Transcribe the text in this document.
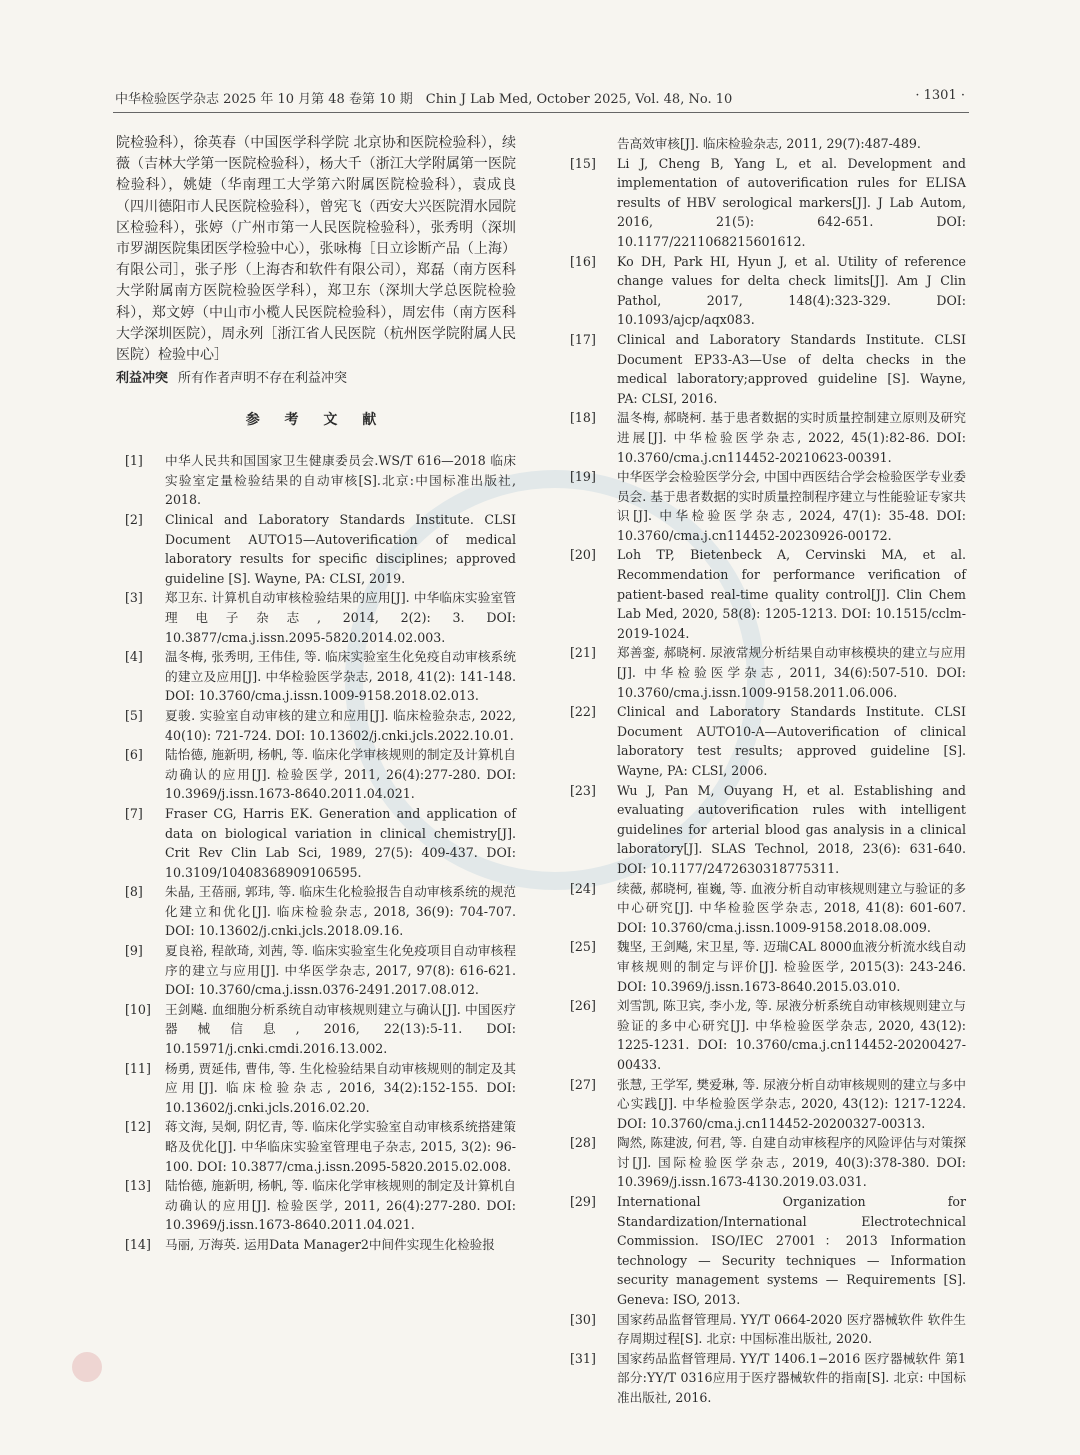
中华检验医学杂志 2025 年 10 月第 48 卷第 10 期　Chin J Lab Med, October 2025, Vol. 48, No. 10	· 1301 ·

院检验科），徐英春（中国医学科学院 北京协和医院检验科），续薇（吉林大学第一医院检验科），杨大千（浙江大学附属第一医院检验科），姚婕（华南理工大学第六附属医院检验科），袁成良（四川德阳市人民医院检验科），曾宪飞（西安大兴医院渭水园院区检验科），张婷（广州市第一人民医院检验科），张秀明（深圳市罗湖医院集团医学检验中心），张咏梅［日立诊断产品（上海）有限公司］，张子彤（上海杏和软件有限公司），郑磊（南方医科大学附属南方医院检验医学科），郑卫东（深圳大学总医院检验科），郑文婷（中山市小榄人民医院检验科），周宏伟（南方医科大学深圳医院），周永列［浙江省人民医院（杭州医学院附属人民医院）检验中心］

利益冲突 所有作者声明不存在利益冲突

参 考 文 献
[1] 中华人民共和国国家卫生健康委员会.WS/T 616—2018 临床实验室定量检验结果的自动审核[S].北京:中国标准出版社, 2018.
[2] Clinical and Laboratory Standards Institute. CLSI Document AUTO15—Autoverification of medical laboratory results for specific disciplines; approved guideline [S]. Wayne, PA: CLSI, 2019.
[3] 郑卫东. 计算机自动审核检验结果的应用[J]. 中华临床实验室管理电子杂志, 2014, 2(2): 3. DOI: 10.3877/cma.j.issn.2095-5820.2014.02.003.
[4] 温冬梅, 张秀明, 王伟佳, 等. 临床实验室生化免疫自动审核系统的建立及应用[J]. 中华检验医学杂志, 2018, 41(2): 141-148. DOI: 10.3760/cma.j.issn.1009-9158.2018.02.013.
[5] 夏骏. 实验室自动审核的建立和应用[J]. 临床检验杂志, 2022, 40(10): 721-724. DOI: 10.13602/j.cnki.jcls.2022.10.01.
[6] 陆怡德, 施新明, 杨帆, 等. 临床化学审核规则的制定及计算机自动确认的应用[J]. 检验医学, 2011, 26(4):277-280. DOI: 10.3969/j.issn.1673-8640.2011.04.021.
[7] Fraser CG, Harris EK. Generation and application of data on biological variation in clinical chemistry[J]. Crit Rev Clin Lab Sci, 1989, 27(5): 409-437. DOI: 10.3109/10408368909106595.
[8] 朱晶, 王蓓丽, 郭玮, 等. 临床生化检验报告自动审核系统的规范化建立和优化[J]. 临床检验杂志, 2018, 36(9): 704-707. DOI: 10.13602/j.cnki.jcls.2018.09.16.
[9] 夏良裕, 程歆琦, 刘茜, 等. 临床实验室生化免疫项目自动审核程序的建立与应用[J]. 中华医学杂志, 2017, 97(8): 616-621. DOI: 10.3760/cma.j.issn.0376-2491.2017.08.012.
[10] 王剑飚. 血细胞分析系统自动审核规则建立与确认[J]. 中国医疗器械信息, 2016, 22(13):5-11. DOI: 10.15971/j.cnki.cmdi.2016.13.002.
[11] 杨勇, 贾延伟, 曹伟, 等. 生化检验结果自动审核规则的制定及其应用[J]. 临床检验杂志, 2016, 34(2):152-155. DOI: 10.13602/j.cnki.jcls.2016.02.20.
[12] 蒋文海, 吴炯, 阴忆青, 等. 临床化学实验室自动审核系统搭建策略及优化[J]. 中华临床实验室管理电子杂志, 2015, 3(2): 96-100. DOI: 10.3877/cma.j.issn.2095-5820.2015.02.008.
[13] 陆怡德, 施新明, 杨帆, 等. 临床化学审核规则的制定及计算机自动确认的应用[J]. 检验医学, 2011, 26(4):277-280. DOI: 10.3969/j.issn.1673-8640.2011.04.021.
[14] 马丽, 万海英. 运用Data Manager2中间件实现生化检验报
告高效审核[J]. 临床检验杂志, 2011, 29(7):487-489.
[15] Li J, Cheng B, Yang L, et al. Development and implementation of autoverification rules for ELISA results of HBV serological markers[J]. J Lab Autom, 2016, 21(5): 642-651. DOI: 10.1177/2211068215601612.
[16] Ko DH, Park HI, Hyun J, et al. Utility of reference change values for delta check limits[J]. Am J Clin Pathol, 2017, 148(4):323-329. DOI: 10.1093/ajcp/aqx083.
[17] Clinical and Laboratory Standards Institute. CLSI Document EP33-A3—Use of delta checks in the medical laboratory;approved guideline [S]. Wayne, PA: CLSI, 2016.
[18] 温冬梅, 郝晓柯. 基于患者数据的实时质量控制建立原则及研究进展[J]. 中华检验医学杂志, 2022, 45(1):82-86. DOI: 10.3760/cma.j.cn114452-20210623-00391.
[19] 中华医学会检验医学分会, 中国中西医结合学会检验医学专业委员会. 基于患者数据的实时质量控制程序建立与性能验证专家共识[J]. 中华检验医学杂志, 2024, 47(1): 35-48. DOI: 10.3760/cma.j.cn114452-20230926-00172.
[20] Loh TP, Bietenbeck A, Cervinski MA, et al. Recommendation for performance verification of patient-based real-time quality control[J]. Clin Chem Lab Med, 2020, 58(8): 1205-1213. DOI: 10.1515/cclm-2019-1024.
[21] 郑善銮, 郝晓柯. 尿液常规分析结果自动审核模块的建立与应用[J]. 中华检验医学杂志, 2011, 34(6):507-510. DOI: 10.3760/cma.j.issn.1009-9158.2011.06.006.
[22] Clinical and Laboratory Standards Institute. CLSI Document AUTO10-A—Autoverification of clinical laboratory test results; approved guideline [S]. Wayne, PA: CLSI, 2006.
[23] Wu J, Pan M, Ouyang H, et al. Establishing and evaluating autoverification rules with intelligent guidelines for arterial blood gas analysis in a clinical laboratory[J]. SLAS Technol, 2018, 23(6): 631-640. DOI: 10.1177/2472630318775311.
[24] 续薇, 郝晓柯, 崔巍, 等. 血液分析自动审核规则建立与验证的多中心研究[J]. 中华检验医学杂志, 2018, 41(8): 601-607. DOI: 10.3760/cma.j.issn.1009-9158.2018.08.009.
[25] 魏坚, 王剑飚, 宋卫星, 等. 迈瑞CAL 8000血液分析流水线自动审核规则的制定与评价[J]. 检验医学, 2015(3): 243-246. DOI: 10.3969/j.issn.1673-8640.2015.03.010.
[26] 刘雪凯, 陈卫宾, 李小龙, 等. 尿液分析系统自动审核规则建立与验证的多中心研究[J]. 中华检验医学杂志, 2020, 43(12): 1225-1231. DOI: 10.3760/cma.j.cn114452-20200427-00433.
[27] 张慧, 王学军, 樊爱琳, 等. 尿液分析自动审核规则的建立与多中心实践[J]. 中华检验医学杂志, 2020, 43(12): 1217-1224. DOI: 10.3760/cma.j.cn114452-20200327-00313.
[28] 陶然, 陈建波, 何君, 等. 自建自动审核程序的风险评估与对策探讨[J]. 国际检验医学杂志, 2019, 40(3):378-380. DOI: 10.3969/j.issn.1673-4130.2019.03.031.
[29] International Organization for Standardization/International Electrotechnical Commission. ISO/IEC 27001：2013 Information technology — Security techniques — Information security management systems — Requirements [S]. Geneva: ISO, 2013.
[30] 国家药品监督管理局. YY/T 0664-2020 医疗器械软件 软件生存周期过程[S]. 北京: 中国标准出版社, 2020.
[31] 国家药品监督管理局. YY/T 1406.1−2016 医疗器械软件 第1部分:YY/T 0316应用于医疗器械软件的指南[S]. 北京: 中国标准出版社, 2016.
